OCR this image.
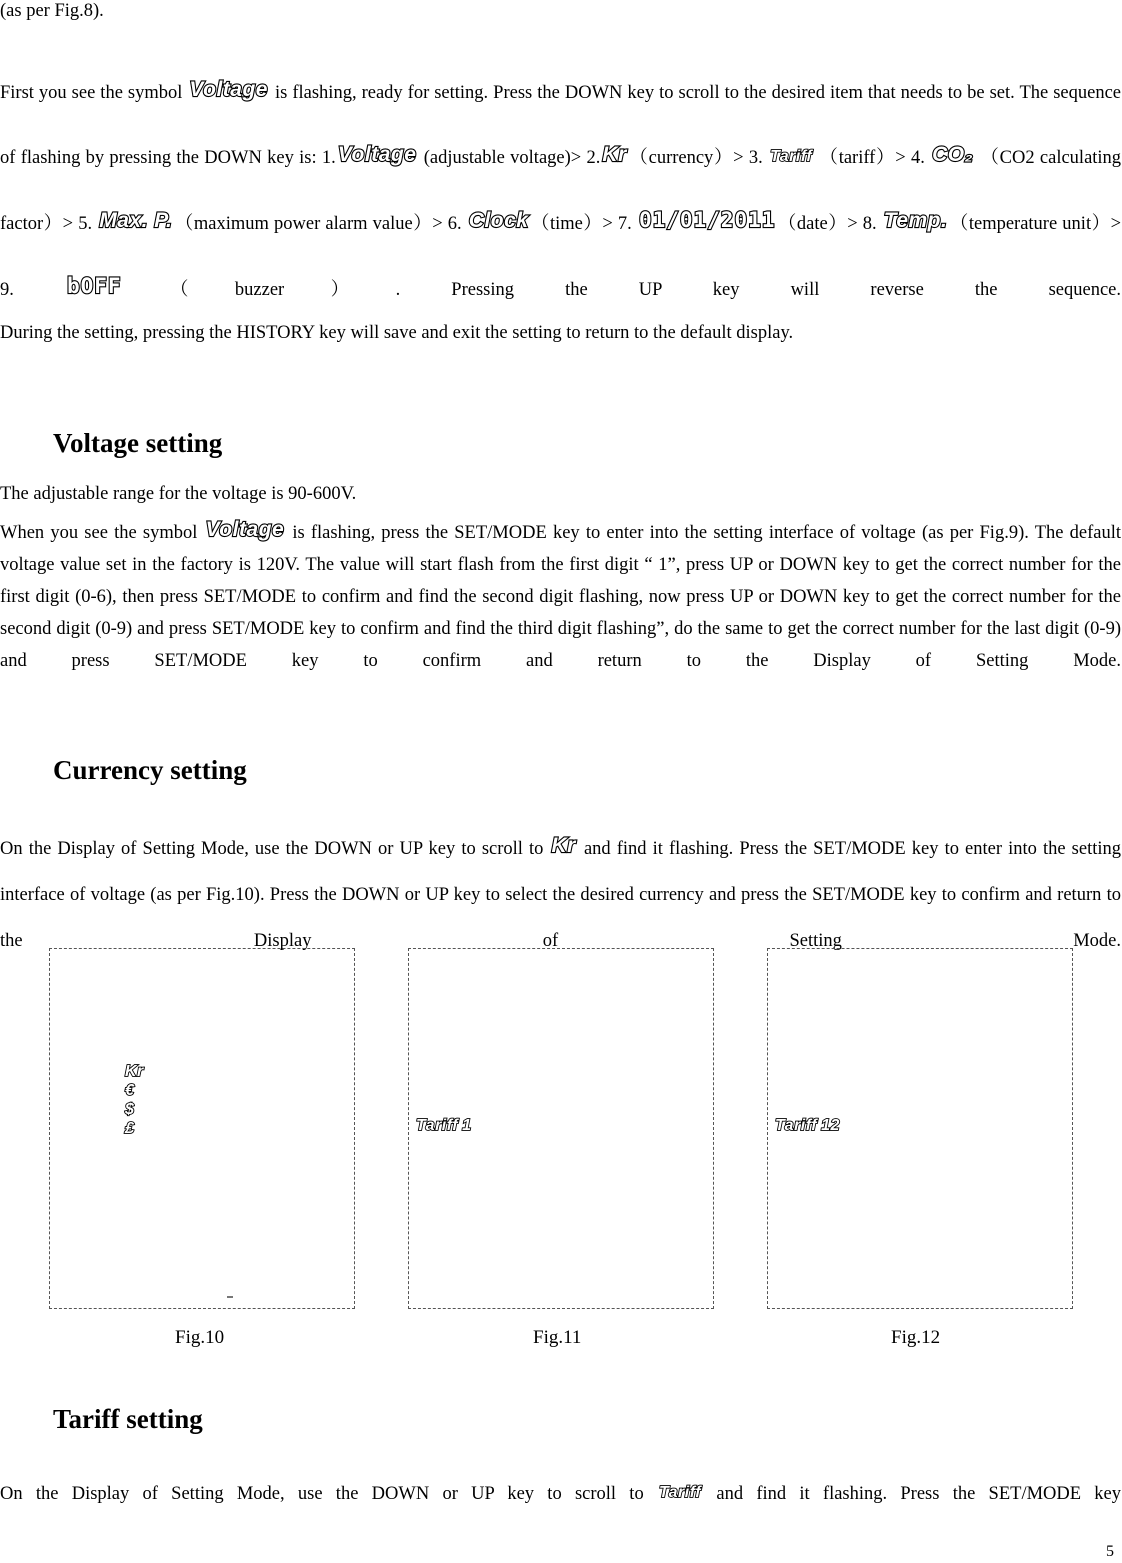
(as per Fig.8).

First you see the symbol Voltage is flashing, ready for setting. Press the DOWN key to scroll to the desired item that needs to be set. The sequence of flashing by pressing the DOWN key is: 1.Voltage (adjustable voltage)> 2.Kr （currency）> 3. Tariff （tariff）> 4. CO₂ （CO2 calculating factor）> 5. Max. P. （maximum power alarm value）> 6. Clock （time）> 7. 01/01/2011 （date）> 8. Temp. （temperature unit）> 9.	bOFF （buzzer）. Pressing the UP key will reverse the sequence.

During the setting, pressing the HISTORY key will save and exit the setting to return to the default display.

Voltage setting

The adjustable range for the voltage is 90-600V.

When you see the symbol Voltage is flashing, press the SET/MODE key to enter into the setting interface of voltage (as per Fig.9). The default voltage value set in the factory is 120V. The value will start flash from the first digit “ 1”, press UP or DOWN key to get the correct number for the first digit (0-6), then press SET/MODE to confirm and find the second digit flashing, now press UP or DOWN key to get the correct number for the second digit (0-9) and press SET/MODE key to confirm and find the third digit flashing”, do the same to get the correct number for the last digit (0-9) and press SET/MODE key to confirm and return to the Display of Setting Mode.

Currency setting

On the Display of Setting Mode, use the DOWN or UP key to scroll to Kr and find it flashing. Press the SET/MODE key to enter into the setting interface of voltage (as per Fig.10). Press the DOWN or UP key to select the desired currency and press the SET/MODE key to confirm and return to the Display of Setting Mode.

Kr
€
$
£	Tariff 1	Tariff 12
Fig.10	Fig.11	Fig.12
Tariff setting

On the Display of Setting Mode, use the DOWN or UP key to scroll to Tariff and find it flashing. Press the SET/MODE key

5
